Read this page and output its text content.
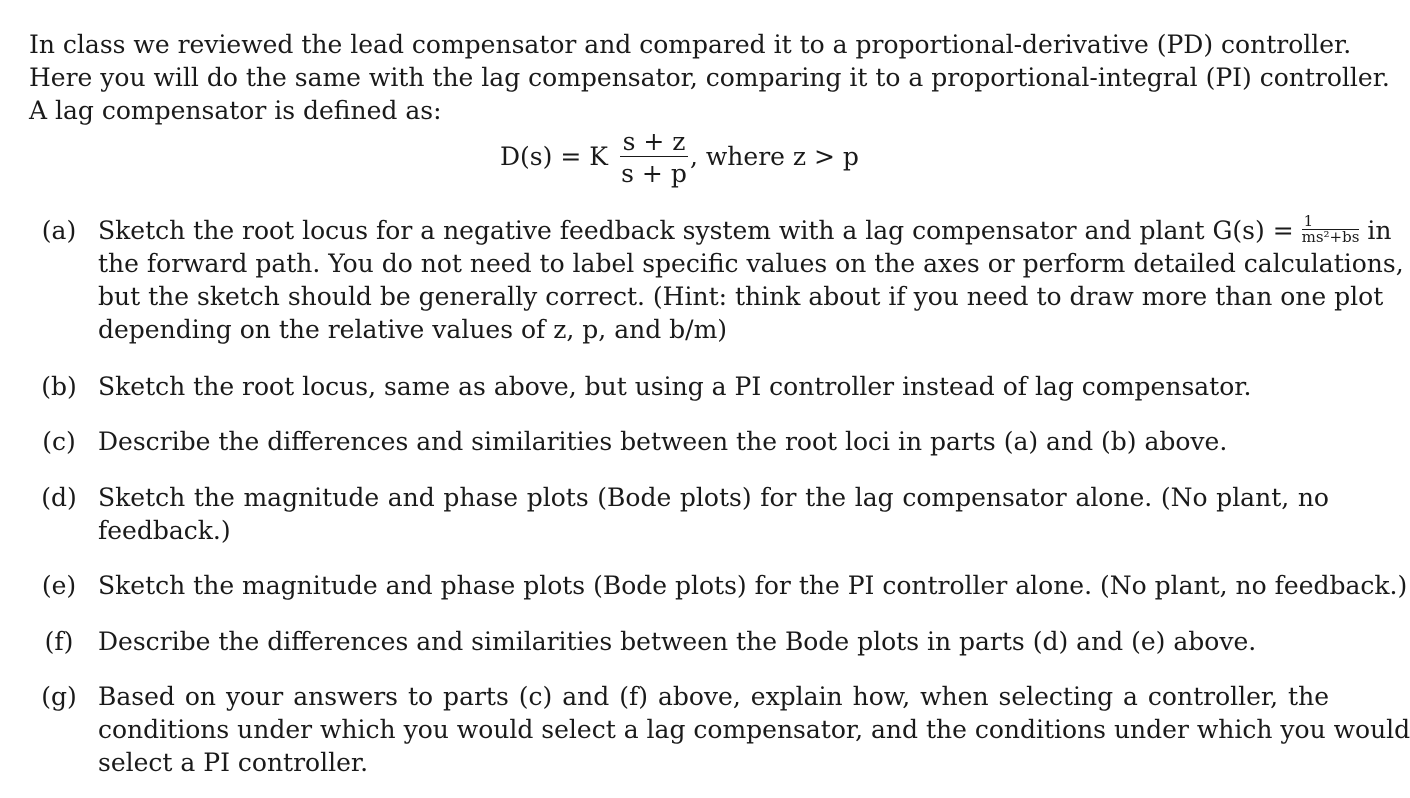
In class we reviewed the lead compensator and compared it to a proportional-derivative (PD) controller.
Here you will do the same with the lag compensator, comparing it to a proportional-integral (PI) controller.
A lag compensator is defined as:
D(s) = K $\frac{s + z}{s + p}$ , where z > p
(a) Sketch the root locus for a negative feedback system with a lag compensator and plant $G(s) = \frac{1}{\text{ms²+bs}}$ in
the forward path. You do not need to label specific values on the axes or perform detailed calculations,
but the sketch should be generally correct. (Hint: think about if you need to draw more than one plot
depending on the relative values of z, p, and b/m)
(b) Sketch the root locus, same as above, but using a PI controller instead of lag compensator.
(c) Describe the differences and similarities between the root loci in parts (a) and (b) above.
(d) Sketch the magnitude and phase plots (Bode plots) for the lag compensator alone. (No plant, no
feedback.)
(e) Sketch the magnitude and phase plots (Bode plots) for the PI controller alone. (No plant, no feedback.)
(f) Describe the differences and similarities between the Bode plots in parts (d) and (e) above.
(g) Based on your answers to parts (c) and (f) above, explain how, when selecting a controller, the
conditions under which you would select a lag compensator, and the conditions under which you would
select a PI controller.
